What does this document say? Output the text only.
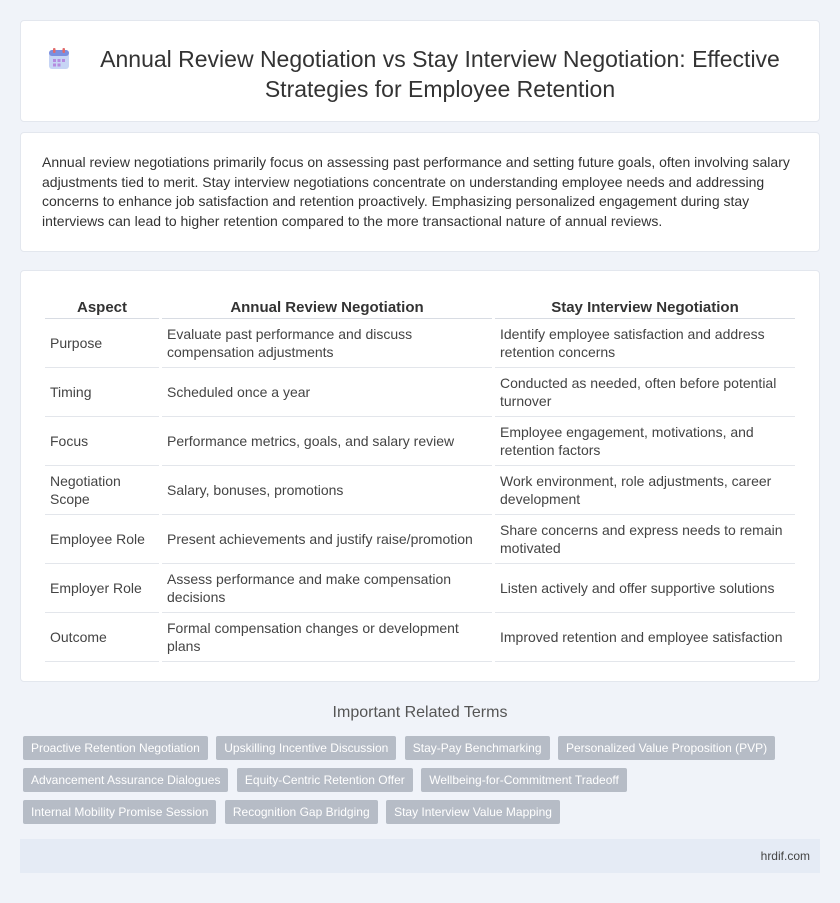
Annual Review Negotiation vs Stay Interview Negotiation: Effective Strategies for Employee Retention

Annual review negotiations primarily focus on assessing past performance and setting future goals, often involving salary adjustments tied to merit. Stay interview negotiations concentrate on understanding employee needs and addressing concerns to enhance job satisfaction and retention proactively. Emphasizing personalized engagement during stay interviews can lead to higher retention compared to the more transactional nature of annual reviews.

Aspect	Annual Review Negotiation	Stay Interview Negotiation
Purpose	Evaluate past performance and discuss compensation adjustments	Identify employee satisfaction and address retention concerns
Timing	Scheduled once a year	Conducted as needed, often before potential turnover
Focus	Performance metrics, goals, and salary review	Employee engagement, motivations, and retention factors
Negotiation Scope	Salary, bonuses, promotions	Work environment, role adjustments, career development
Employee Role	Present achievements and justify raise/promotion	Share concerns and express needs to remain motivated
Employer Role	Assess performance and make compensation decisions	Listen actively and offer supportive solutions
Outcome	Formal compensation changes or development plans	Improved retention and employee satisfaction
Important Related Terms
Proactive Retention Negotiation Upskilling Incentive Discussion Stay-Pay Benchmarking Personalized Value Proposition (PVP) Advancement Assurance Dialogues Equity-Centric Retention Offer Wellbeing-for-Commitment Tradeoff Internal Mobility Promise Session Recognition Gap Bridging Stay Interview Value Mapping
hrdif.com
